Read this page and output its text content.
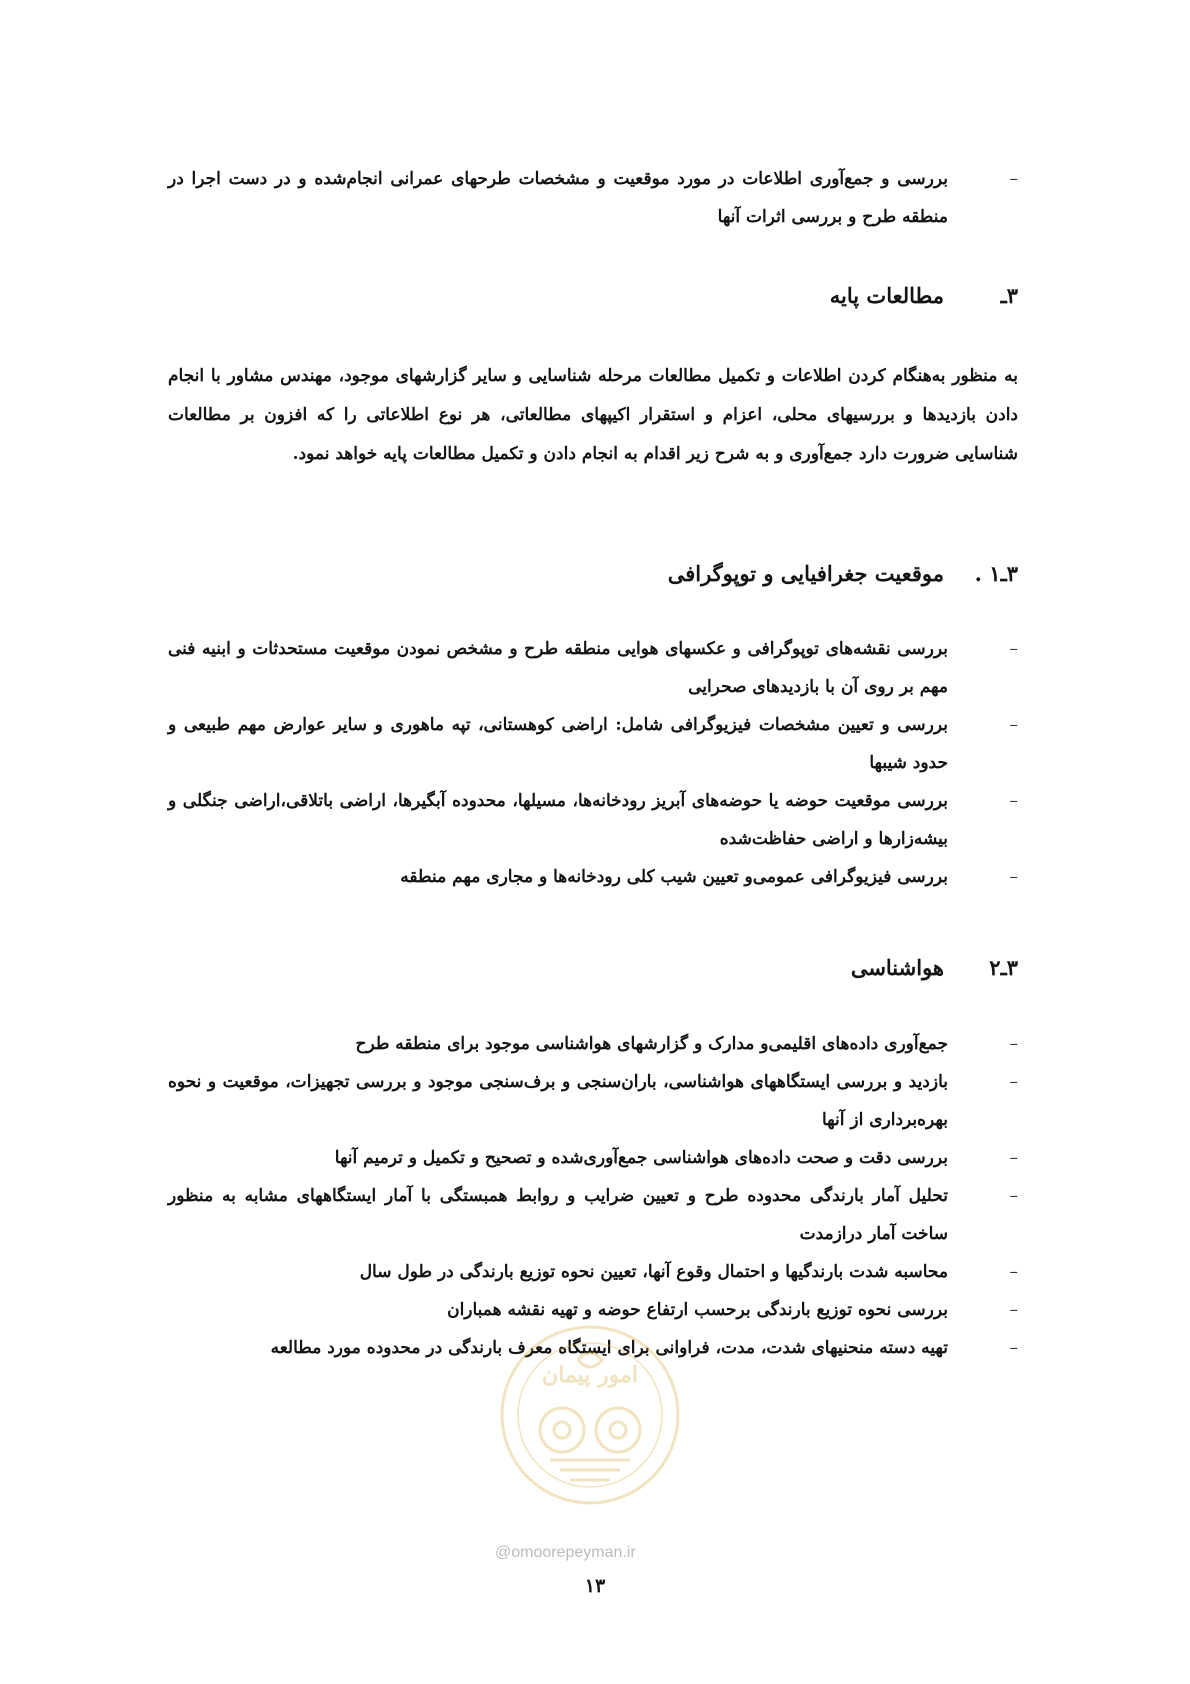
–
بررسی و جمع‌آوری اطلاعات در مورد موقعیت و مشخصات طرحهای عمرانی انجام‌شده و در دست اجرا در منطقه طرح و بررسی اثرات آنها
۳ـمطالعات پایه
به منظور به‌هنگام کردن اطلاعات و تکمیل مطالعات مرحله شناسایی و سایر گزارشهای موجود، مهندس مشاور با انجام دادن بازدیدها و بررسیهای محلی، اعزام و استقرار اکیپهای مطالعاتی، هر نوع اطلاعاتی را که افزون بر مطالعات شناسایی ضرورت دارد جمع‌آوری و به شرح زیر اقدام به انجام دادن و تکمیل مطالعات پایه خواهد نمود.
۳ـ۱ .موقعیت جغرافیایی و توپوگرافی
–
بررسی نقشه‌های توپوگرافی و عکسهای هوایی منطقه طرح و مشخص نمودن موقعیت مستحدثات و ابنیه فنی مهم بر روی آن با بازدیدهای صحرایی
–
بررسی و تعیین مشخصات فیزیوگرافی شامل: اراضی کوهستانی، تپه ماهوری و سایر عوارض مهم طبیعی و حدود شیبها
–
بررسی موقعیت حوضه یا حوضه‌های آبریز رودخانه‌ها، مسیلها، محدوده آبگیرها، اراضی باتلاقی،اراضی جنگلی و بیشه‌زارها و اراضی حفاظت‌شده
–
بررسی فیزیوگرافی عمومی‌و تعیین شیب کلی رودخانه‌ها و مجاری مهم منطقه
۳ـ۲هواشناسی
–
جمع‌آوری داده‌های اقلیمی‌و مدارک و گزارشهای هواشناسی موجود برای منطقه طرح
–
بازدید و بررسی ایستگاههای هواشناسی، باران‌سنجی و برف‌سنجی موجود و بررسی تجهیزات، موقعیت و نحوه بهره‌برداری از آنها
–
بررسی دقت و صحت داده‌های هواشناسی جمع‌آوری‌شده و تصحیح و تکمیل و ترمیم آنها
–
تحلیل آمار بارندگی محدوده طرح و تعیین ضرایب و روابط همبستگی با آمار ایستگاههای مشابه به منظور ساخت آمار درازمدت
–
محاسبه شدت بارندگیها و احتمال وقوع آنها، تعیین نحوه توزیع بارندگی در طول سال
–
بررسی نحوه توزیع بارندگی برحسب ارتفاع حوضه و تهیه نقشه همباران
–
تهیه دسته منحنیهای شدت، مدت، فراوانی برای ایستگاه معرف بارندگی در محدوده مورد مطالعه
امور پیمان
@omoorepeyman.ir
۱۳
